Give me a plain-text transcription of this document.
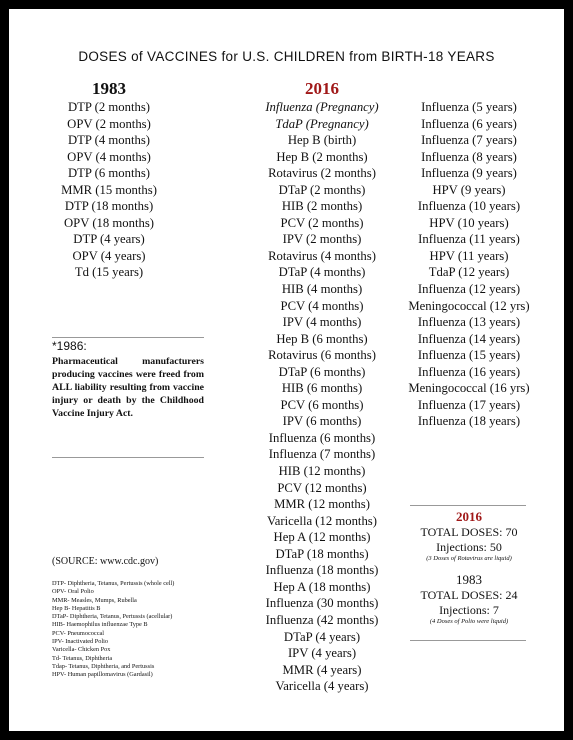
DOSES of VACCINES for U.S. CHILDREN from BIRTH-18 YEARS
1983	2016
DTP (2 months)
OPV (2 months)
DTP (4 months)
OPV (4 months)
DTP (6 months)
MMR (15 months)
DTP (18 months)
OPV (18 months)
DTP (4 years)
OPV (4 years)
Td (15 years)
Influenza (Pregnancy)
TdaP (Pregnancy)
Hep B (birth)
Hep B (2 months)
Rotavirus (2 months)
DTaP (2 months)
HIB (2 months)
PCV (2 months)
IPV (2 months)
Rotavirus (4 months)
DTaP (4 months)
HIB (4 months)
PCV (4 months)
IPV (4 months)
Hep B (6 months)
Rotavirus (6 months)
DTaP (6 months)
HIB (6 months)
PCV (6 months)
IPV (6 months)
Influenza (6 months)
Influenza (7 months)
HIB (12 months)
PCV (12 months)
MMR (12 months)
Varicella (12 months)
Hep A (12 months)
DTaP (18 months)
Influenza (18 months)
Hep A (18 months)
Influenza (30 months)
Influenza (42 months)
DTaP (4 years)
IPV (4 years)
MMR (4 years)
Varicella (4 years)
Influenza (5 years)
Influenza (6 years)
Influenza (7 years)
Influenza (8 years)
Influenza (9 years)
HPV (9 years)
Influenza (10 years)
HPV (10 years)
Influenza (11 years)
HPV (11 years)
TdaP (12 years)
Influenza (12 years)
Meningococcal (12 yrs)
Influenza (13 years)
Influenza (14 years)
Influenza (15 years)
Influenza (16 years)
Meningococcal (16 yrs)
Influenza (17 years)
Influenza (18 years)
*1986:
Pharmaceutical manufacturers producing vaccines were freed from ALL liability resulting from vaccine injury or death by the Childhood Vaccine Injury Act.
(SOURCE: www.cdc.gov)
DTP- Diphtheria, Tetanus, Pertussis (whole cell)
OPV- Oral Polio
MMR- Measles, Mumps, Rubella
Hep B- Hepatitis B
DTaP- Diphtheria, Tetanus, Pertussis (acellular)
HIB- Haemophilus influenzae Type B
PCV- Pneumococcal
IPV- Inactivated Polio
Varicella- Chicken Pox
Td- Tetanus, Diphtheria
Tdap- Tetanus, Diphtheria, and Pertussis
HPV- Human papillomavirus (Gardasil)
2016
TOTAL DOSES: 70
Injections: 50
(3 Doses of Rotavirus are liquid)
1983
TOTAL DOSES: 24
Injections: 7
(4 Doses of Polio were liquid)
